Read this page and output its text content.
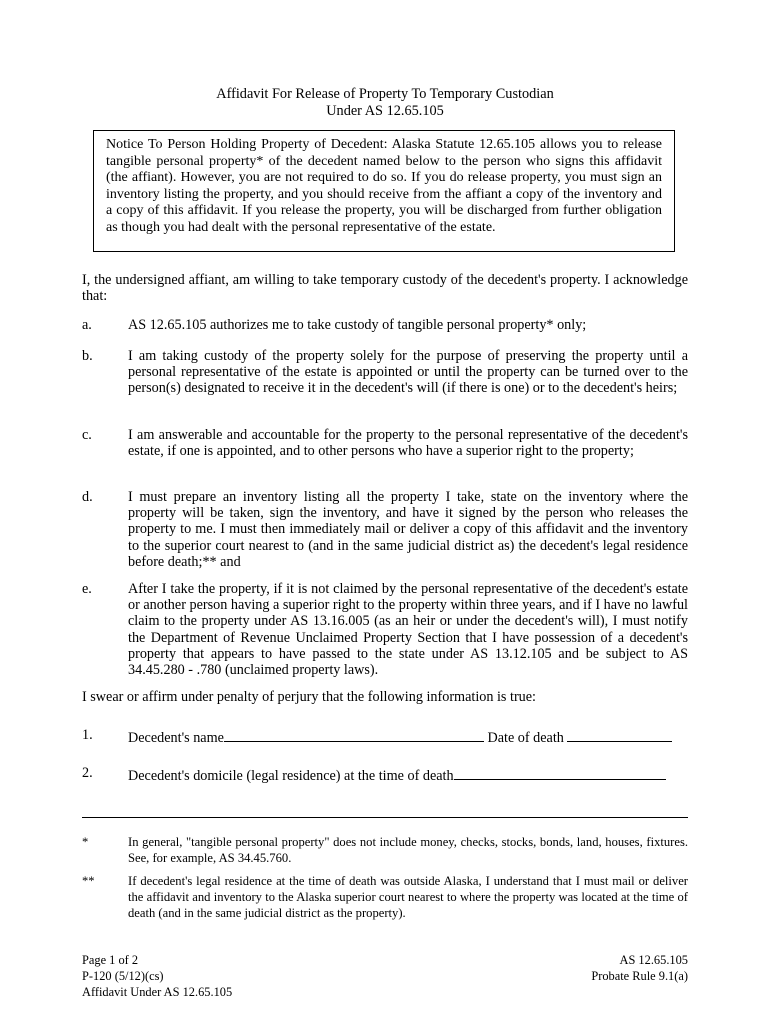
Affidavit For Release of Property To Temporary Custodian
Under AS 12.65.105
Notice To Person Holding Property of Decedent: Alaska Statute 12.65.105 allows you to release tangible personal property* of the decedent named below to the person who signs this affidavit (the affiant). However, you are not required to do so. If you do release property, you must sign an inventory listing the property, and you should receive from the affiant a copy of the inventory and a copy of this affidavit. If you release the property, you will be discharged from further obligation as though you had dealt with the personal representative of the estate.

I, the undersigned affiant, am willing to take temporary custody of the decedent's property. I acknowledge that:

a.	AS 12.65.105 authorizes me to take custody of tangible personal property* only;
b. I am taking custody of the property solely for the purpose of preserving the property until a personal representative of the estate is appointed or until the property can be turned over to the person(s) designated to receive it in the decedent's will (if there is one) or to the decedent's heirs;
c.	I am answerable and accountable for the property to the personal representative of the decedent's estate, if one is appointed, and to other persons who have a superior right to the property;
d. I must prepare an inventory listing all the property I take, state on the inventory where the property will be taken, sign the inventory, and have it signed by the person who releases the property to me. I must then immediately mail or deliver a copy of this affidavit and the inventory to the superior court nearest to (and in the same judicial district as) the decedent's legal residence before death;** and
e.	After I take the property, if it is not claimed by the personal representative of the decedent's estate or another person having a superior right to the property within three years, and if I have no lawful claim to the property under AS 13.16.005 (as an heir or under the decedent's will), I must notify the Department of Revenue Unclaimed Property Section that I have possession of a decedent's property that appears to have passed to the state under AS 13.12.105 and be subject to AS 34.45.280 - .780 (unclaimed property laws).

I swear or affirm under penalty of perjury that the following information is true:

1. Decedent's name	Date of death
2. Decedent's domicile (legal residence) at the time of death
*	In general, "tangible personal property" does not include money, checks, stocks, bonds, land, houses, fixtures. See, for example, AS 34.45.760.
**	If decedent's legal residence at the time of death was outside Alaska, I understand that I must mail or deliver the affidavit and inventory to the Alaska superior court nearest to where the property was located at the time of death (and in the same judicial district as the property).
Page 1 of 2
P-120 (5/12)(cs)
Affidavit Under AS 12.65.105
AS 12.65.105
Probate Rule 9.1(a)
